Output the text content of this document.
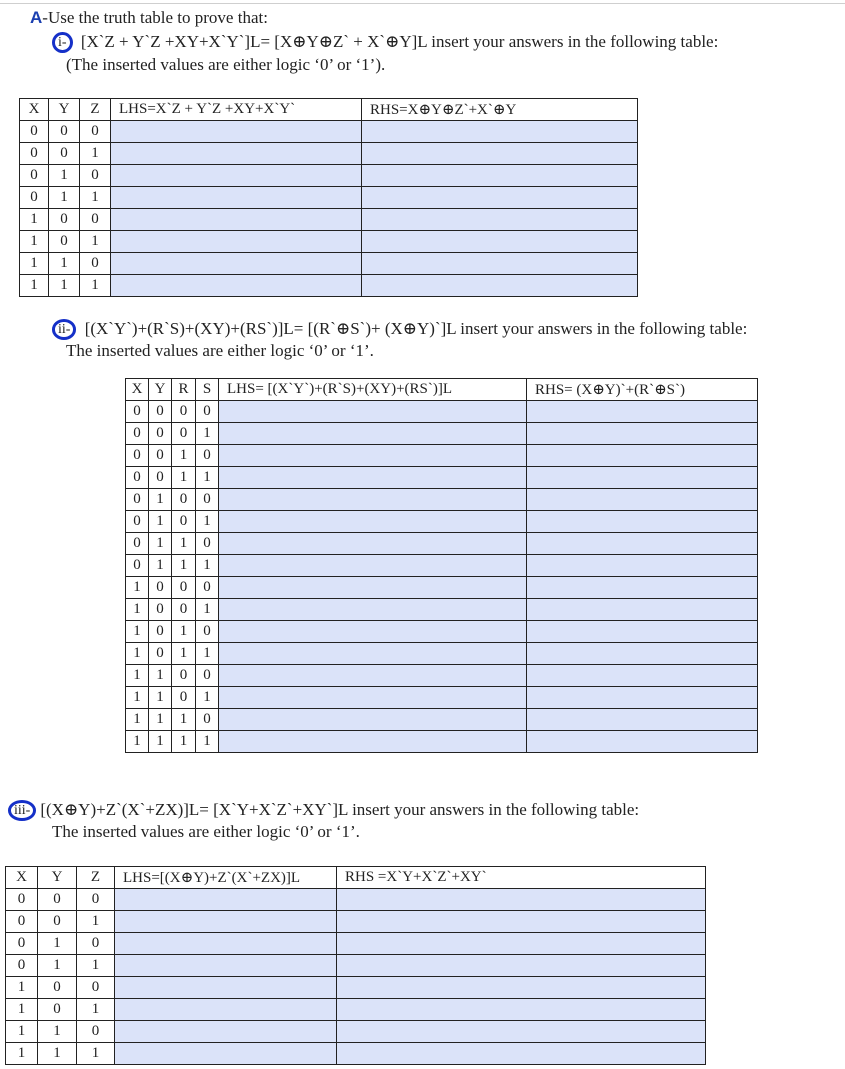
A-Use the truth table to prove that:
i- [X`Z + Y`Z +XY+X`Y`]L= [X⊕Y⊕Z` + X`⊕Y]L insert your answers in the following table:
(The inserted values are either logic ‘0’ or ‘1’).
X	Y	Z	LHS=X`Z + Y`Z +XY+X`Y`	RHS=X⊕Y⊕Z`+X`⊕Y
0	0	0		
0	0	1		
0	1	0		
0	1	1		
1	0	0		
1	0	1		
1	1	0		
1	1	1		
ii- [(X`Y`)+(R`S)+(XY)+(RS`)]L= [(R`⊕S`)+ (X⊕Y)`]L insert your answers in the following table:
The inserted values are either logic ‘0’ or ‘1’.
X	Y	R	S	LHS= [(X`Y`)+(R`S)+(XY)+(RS`)]L	RHS= (X⊕Y)`+(R`⊕S`)
0	0	0	0		
0	0	0	1		
0	0	1	0		
0	0	1	1		
0	1	0	0		
0	1	0	1		
0	1	1	0		
0	1	1	1		
1	0	0	0		
1	0	0	1		
1	0	1	0		
1	0	1	1		
1	1	0	0		
1	1	0	1		
1	1	1	0		
1	1	1	1		
iii- [(X⊕Y)+Z`(X`+ZX)]L= [X`Y+X`Z`+XY`]L insert your answers in the following table:
The inserted values are either logic ‘0’ or ‘1’.
X	Y	Z	LHS=[(X⊕Y)+Z`(X`+ZX)]L	RHS =X`Y+X`Z`+XY`
0	0	0		
0	0	1		
0	1	0		
0	1	1		
1	0	0		
1	0	1		
1	1	0		
1	1	1		
